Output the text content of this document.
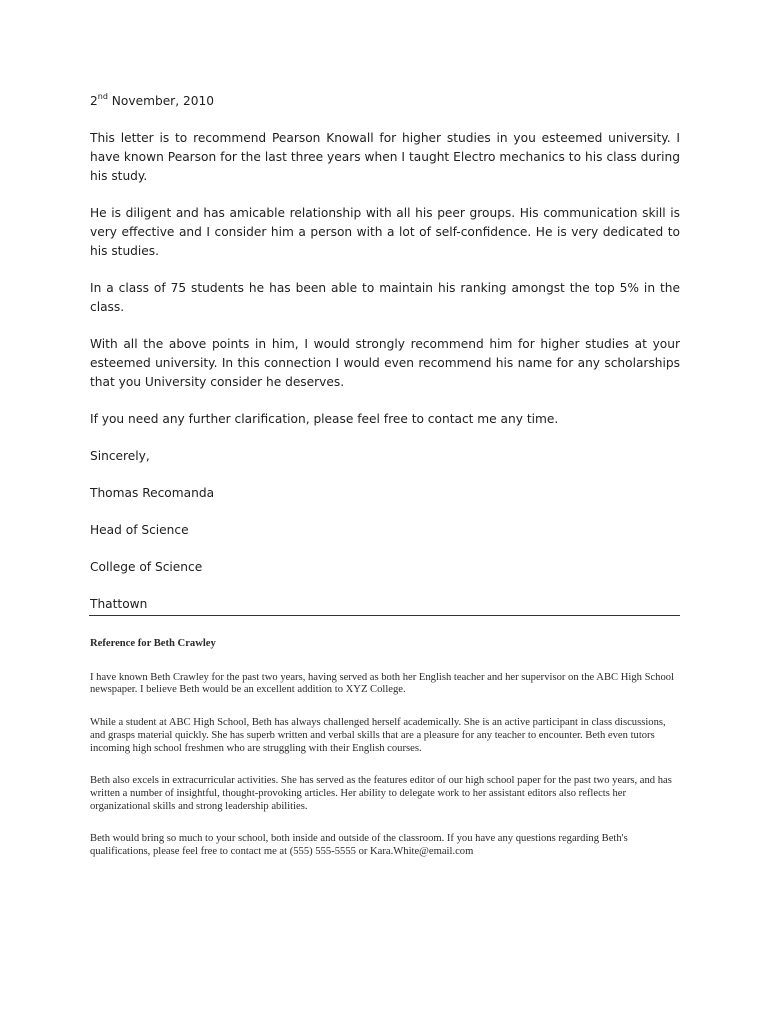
2nd November, 2010

This letter is to recommend Pearson Knowall for higher studies in you esteemed university. I have known Pearson for the last three years when I taught Electro mechanics to his class during his study.

He is diligent and has amicable relationship with all his peer groups. His communication skill is very effective and I consider him a person with a lot of self-confidence. He is very dedicated to his studies.

In a class of 75 students he has been able to maintain his ranking amongst the top 5% in the class.

With all the above points in him, I would strongly recommend him for higher studies at your esteemed university. In this connection I would even recommend his name for any scholarships that you University consider he deserves.

If you need any further clarification, please feel free to contact me any time.

Sincerely,

Thomas Recomanda

Head of Science

College of Science

Thattown

Reference for Beth Crawley

I have known Beth Crawley for the past two years, having served as both her English teacher and her supervisor on the ABC High School newspaper. I believe Beth would be an excellent addition to XYZ College.

While a student at ABC High School, Beth has always challenged herself academically. She is an active participant in class discussions, and grasps material quickly. She has superb written and verbal skills that are a pleasure for any teacher to encounter. Beth even tutors incoming high school freshmen who are struggling with their English courses.

Beth also excels in extracurricular activities. She has served as the features editor of our high school paper for the past two years, and has written a number of insightful, thought-provoking articles. Her ability to delegate work to her assistant editors also reflects her organizational skills and strong leadership abilities.

Beth would bring so much to your school, both inside and outside of the classroom. If you have any questions regarding Beth's qualifications, please feel free to contact me at (555) 555-5555 or Kara.White@email.com
